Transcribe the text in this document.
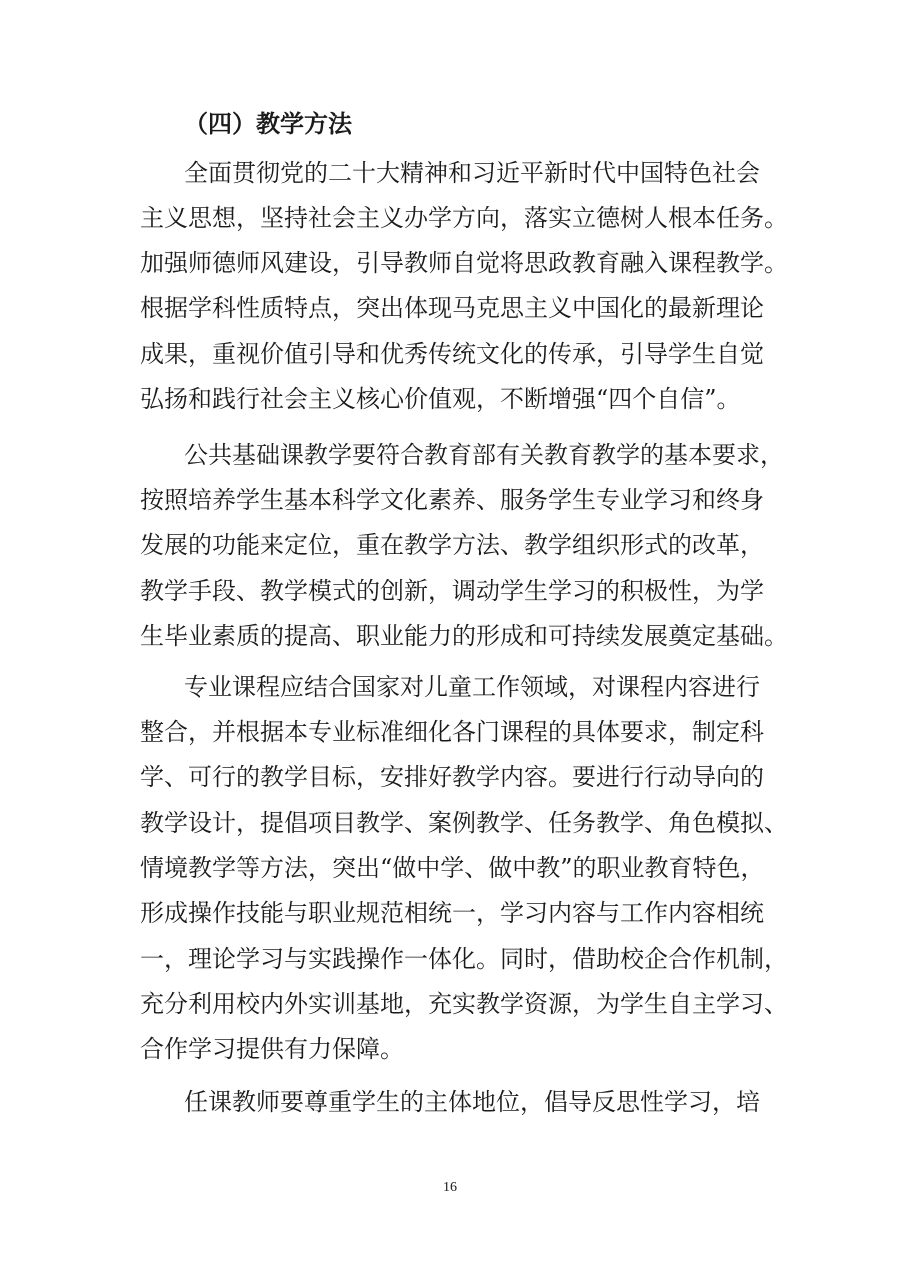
（四）教学方法
全面贯彻党的二十大精神和习近平新时代中国特色社会
主义思想，坚持社会主义办学方向，落实立德树人根本任务。
加强师德师风建设，引导教师自觉将思政教育融入课程教学。
根据学科性质特点，突出体现马克思主义中国化的最新理论
成果，重视价值引导和优秀传统文化的传承，引导学生自觉
弘扬和践行社会主义核心价值观，不断增强“四个自信”。
公共基础课教学要符合教育部有关教育教学的基本要求，
按照培养学生基本科学文化素养、服务学生专业学习和终身
发展的功能来定位，重在教学方法、教学组织形式的改革，
教学手段、教学模式的创新，调动学生学习的积极性，为学
生毕业素质的提高、职业能力的形成和可持续发展奠定基础。
专业课程应结合国家对儿童工作领域，对课程内容进行
整合，并根据本专业标准细化各门课程的具体要求，制定科
学、可行的教学目标，安排好教学内容。要进行行动导向的
教学设计，提倡项目教学、案例教学、任务教学、角色模拟、
情境教学等方法，突出“做中学、做中教”的职业教育特色，
形成操作技能与职业规范相统一，学习内容与工作内容相统
一，理论学习与实践操作一体化。同时，借助校企合作机制，
充分利用校内外实训基地，充实教学资源，为学生自主学习、
合作学习提供有力保障。
任课教师要尊重学生的主体地位，倡导反思性学习，培
16
